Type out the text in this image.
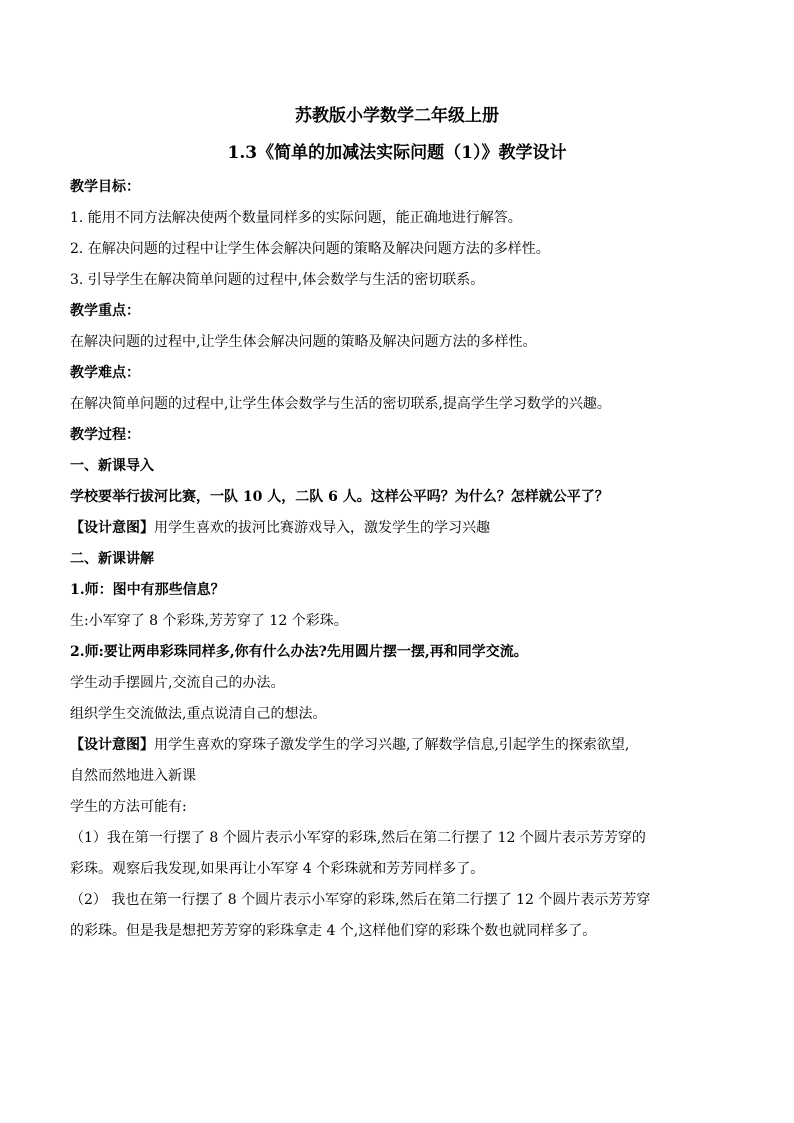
苏教版小学数学二年级上册

1.3《简单的加减法实际问题（1）》教学设计

教学目标：

1. 能用不同方法解决使两个数量同样多的实际问题，能正确地进行解答。

2. 在解决问题的过程中让学生体会解决问题的策略及解决问题方法的多样性。

3. 引导学生在解决简单问题的过程中,体会数学与生活的密切联系。

教学重点：

在解决问题的过程中,让学生体会解决问题的策略及解决问题方法的多样性。

教学难点：

在解决简单问题的过程中,让学生体会数学与生活的密切联系,提高学生学习数学的兴趣。

教学过程：

一、新课导入

学校要举行拔河比赛，一队 10 人，二队 6 人。这样公平吗？为什么？怎样就公平了？

【设计意图】用学生喜欢的拔河比赛游戏导入，激发学生的学习兴趣

二、新课讲解

1.师：图中有那些信息？

生:小军穿了 8 个彩珠,芳芳穿了 12 个彩珠。

2.师:要让两串彩珠同样多,你有什么办法?先用圆片摆一摆,再和同学交流。

学生动手摆圆片,交流自己的办法。

组织学生交流做法,重点说清自己的想法。

【设计意图】用学生喜欢的穿珠子激发学生的学习兴趣,了解数学信息,引起学生的探索欲望,

自然而然地进入新课

学生的方法可能有:

（1）我在第一行摆了 8 个圆片表示小军穿的彩珠,然后在第二行摆了 12 个圆片表示芳芳穿的

彩珠。观察后我发现,如果再让小军穿 4 个彩珠就和芳芳同样多了。

（2） 我也在第一行摆了 8 个圆片表示小军穿的彩珠,然后在第二行摆了 12 个圆片表示芳芳穿

的彩珠。但是我是想把芳芳穿的彩珠拿走 4 个,这样他们穿的彩珠个数也就同样多了。
